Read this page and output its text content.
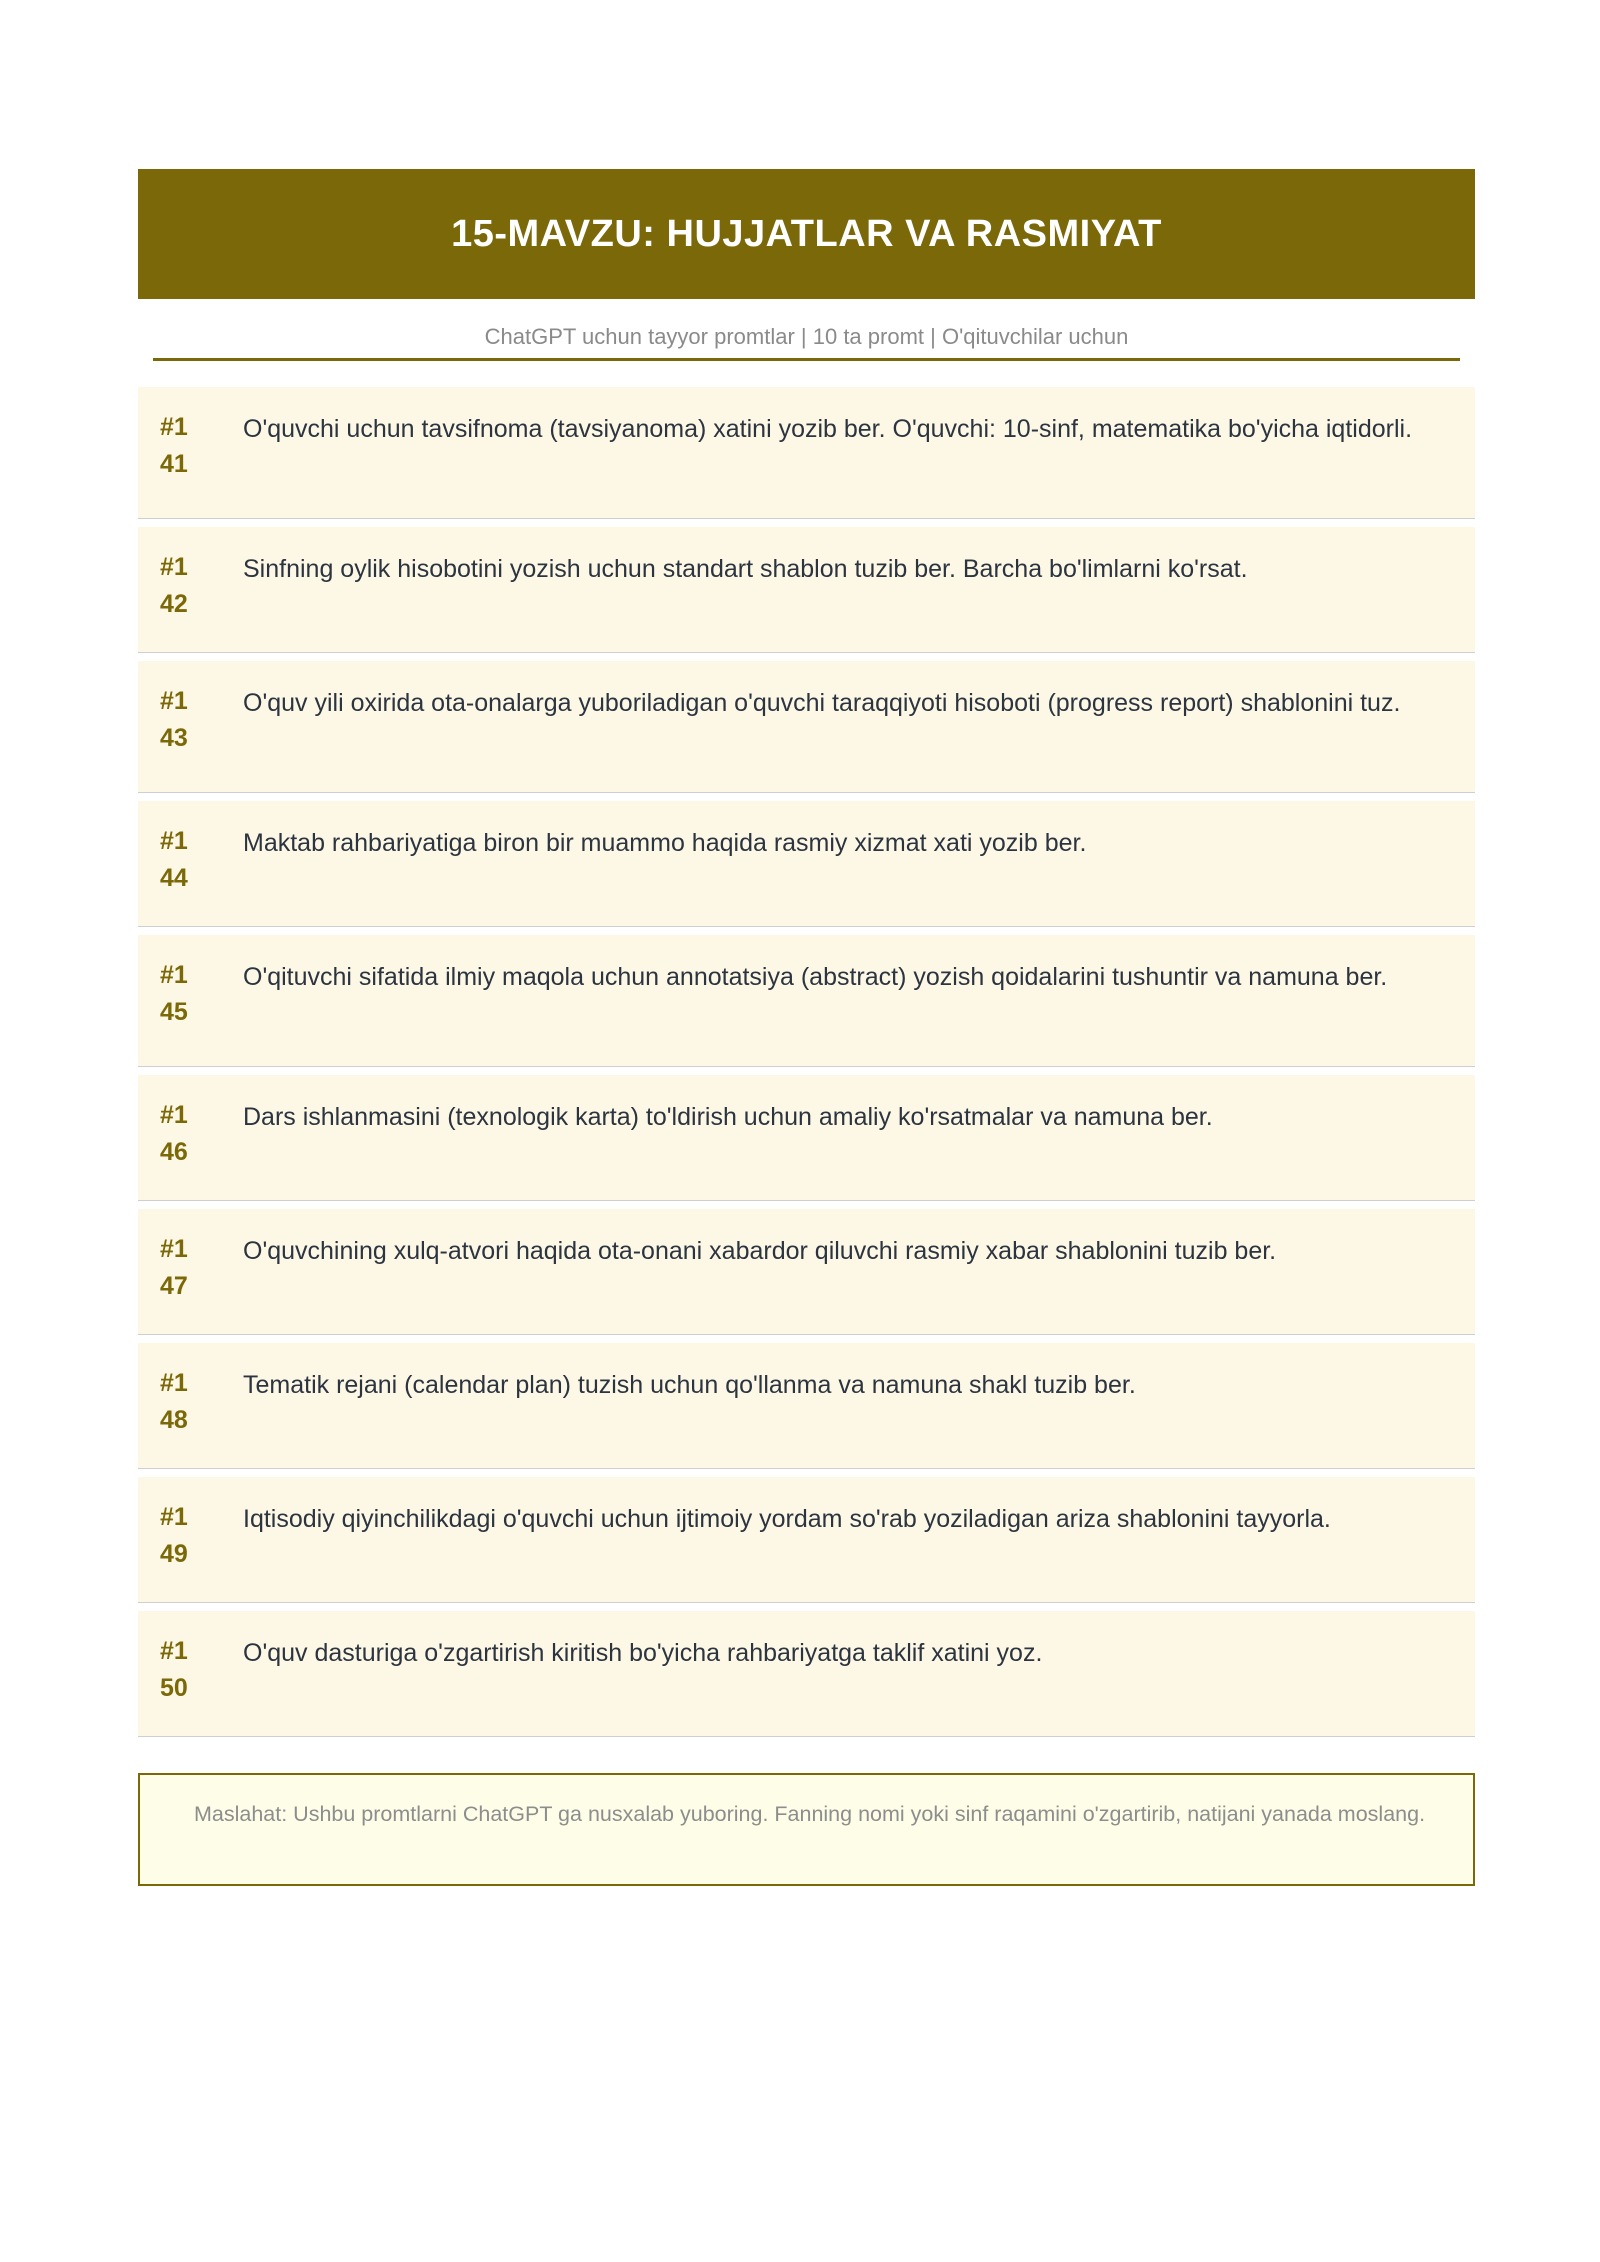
15-MAVZU: HUJJATLAR VA RASMIYAT
ChatGPT uchun tayyor promtlar | 10 ta promt | O'qituvchilar uchun
#1
41
O'quvchi uchun tavsifnoma (tavsiyanoma) xatini yozib ber. O'quvchi: 10-sinf, matematika bo'yicha iqtidorli.
#1
42
Sinfning oylik hisobotini yozish uchun standart shablon tuzib ber. Barcha bo'limlarni ko'rsat.
#1
43
O'quv yili oxirida ota-onalarga yuboriladigan o'quvchi taraqqiyoti hisoboti (progress report) shablonini tuz.
#1
44
Maktab rahbariyatiga biron bir muammo haqida rasmiy xizmat xati yozib ber.
#1
45
O'qituvchi sifatida ilmiy maqola uchun annotatsiya (abstract) yozish qoidalarini tushuntir va namuna ber.
#1
46
Dars ishlanmasini (texnologik karta) to'ldirish uchun amaliy ko'rsatmalar va namuna ber.
#1
47
O'quvchining xulq-atvori haqida ota-onani xabardor qiluvchi rasmiy xabar shablonini tuzib ber.
#1
48
Tematik rejani (calendar plan) tuzish uchun qo'llanma va namuna shakl tuzib ber.
#1
49
Iqtisodiy qiyinchilikdagi o'quvchi uchun ijtimoiy yordam so'rab yoziladigan ariza shablonini tayyorla.
#1
50
O'quv dasturiga o'zgartirish kiritish bo'yicha rahbariyatga taklif xatini yoz.
Maslahat: Ushbu promtlarni ChatGPT ga nusxalab yuboring. Fanning nomi yoki sinf raqamini o'zgartirib, natijani yanada moslang.
